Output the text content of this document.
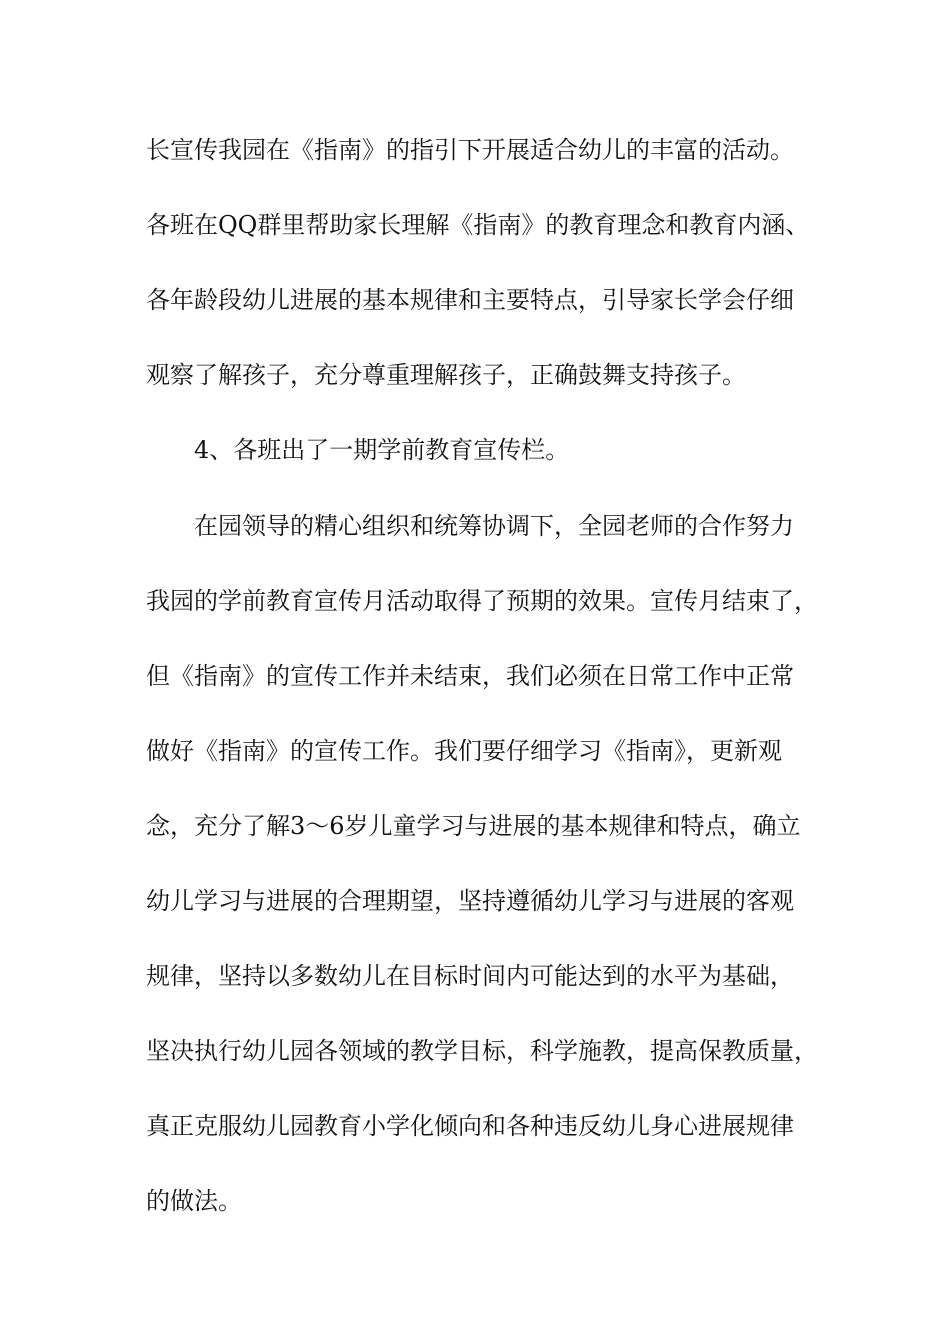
长宣传我园在《指南》的指引下开展适合幼儿的丰富的活动。
各班在QQ群里帮助家长理解《指南》的教育理念和教育内涵、
各年龄段幼儿进展的基本规律和主要特点，引导家长学会仔细
观察了解孩子，充分尊重理解孩子，正确鼓舞支持孩子。
4、各班出了一期学前教育宣传栏。
在园领导的精心组织和统筹协调下，全园老师的合作努力
我园的学前教育宣传月活动取得了预期的效果。宣传月结束了，
但《指南》的宣传工作并未结束，我们必须在日常工作中正常
做好《指南》的宣传工作。我们要仔细学习《指南》，更新观
念，充分了解3～6岁儿童学习与进展的基本规律和特点，确立
幼儿学习与进展的合理期望，坚持遵循幼儿学习与进展的客观
规律，坚持以多数幼儿在目标时间内可能达到的水平为基础，
坚决执行幼儿园各领域的教学目标，科学施教，提高保教质量，
真正克服幼儿园教育小学化倾向和各种违反幼儿身心进展规律
的做法。
